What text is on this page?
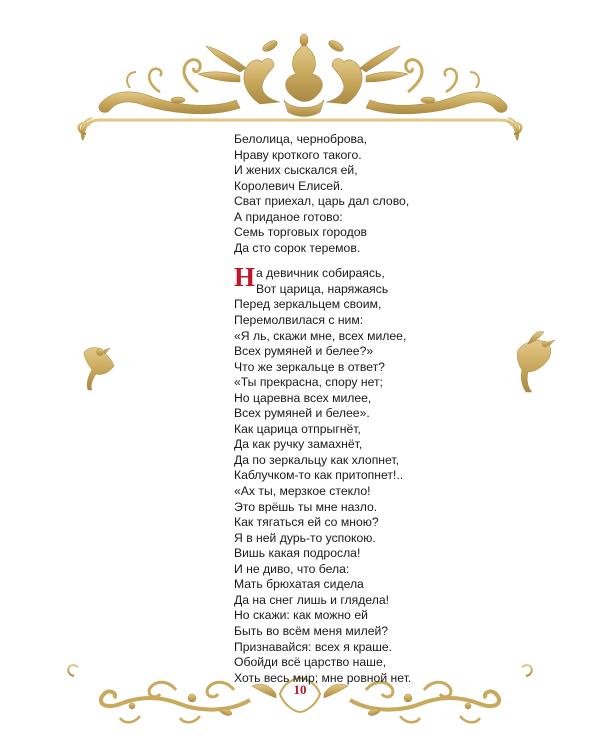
Белолица, черноброва,
Нраву кроткого такого.
И жених сыскался ей,
Королевич Елисей.
Сват приехал, царь дал слово,
А приданое готово:
Семь торговых городов
Да сто сорок теремов.
На девичник собираясь,
Вот царица, наряжаясь
Перед зеркальцем своим,
Перемолвилася с ним:
«Я ль, скажи мне, всех милее,
Всех румяней и белее?»
Что же зеркальце в ответ?
«Ты прекрасна, спору нет;
Но царевна всех милее,
Всех румяней и белее».
Как царица отпрыгнёт,
Да как ручку замахнёт,
Да по зеркальцу как хлопнет,
Каблучком-то как притопнет!..
«Ах ты, мерзкое стекло!
Это врёшь ты мне назло.
Как тягаться ей со мною?
Я в ней дурь-то успокою.
Вишь какая подросла!
И не диво, что бела:
Мать брюхатая сидела
Да на снег лишь и глядела!
Но скажи: как можно ей
Быть во всём меня милей?
Признавайся: всех я краше.
Обойди всё царство наше,
Хоть весь мир; мне ровной нет.
10
